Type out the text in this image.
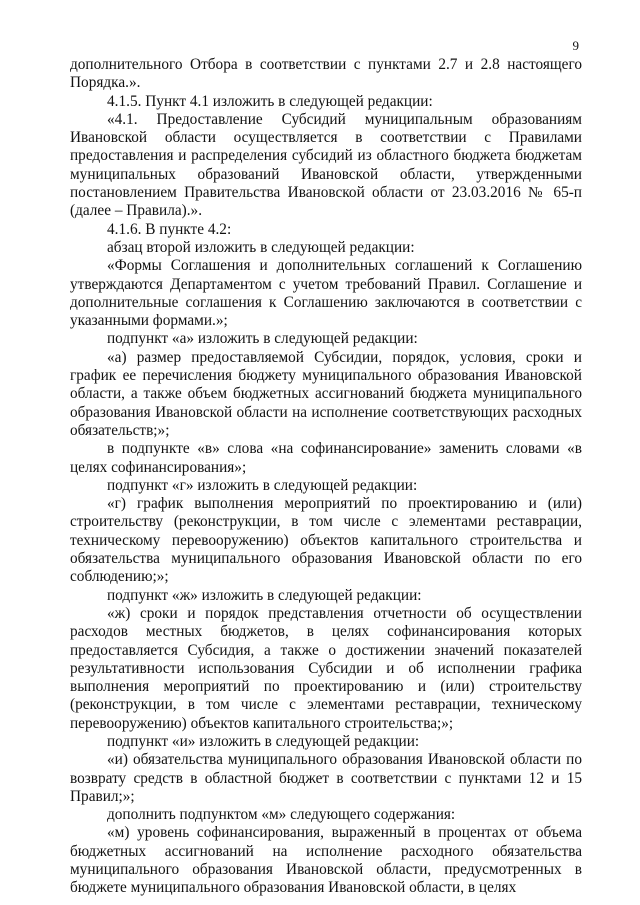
9

дополнительного Отбора в соответствии с пунктами 2.7 и 2.8 настоящего Порядка.».

4.1.5. Пункт 4.1 изложить в следующей редакции:

«4.1. Предоставление Субсидий муниципальным образованиям Ивановской области осуществляется в соответствии с Правилами предоставления и распределения субсидий из областного бюджета бюджетам муниципальных образований Ивановской области, утвержденными постановлением Правительства Ивановской области от 23.03.2016 № 65-п (далее – Правила).».

4.1.6. В пункте 4.2:

абзац второй изложить в следующей редакции:

«Формы Соглашения и дополнительных соглашений к Соглашению утверждаются Департаментом с учетом требований Правил. Соглашение и дополнительные соглашения к Соглашению заключаются в соответствии с указанными формами.»;

подпункт «а» изложить в следующей редакции:

«а) размер предоставляемой Субсидии, порядок, условия, сроки и график ее перечисления бюджету муниципального образования Ивановской области, а также объем бюджетных ассигнований бюджета муниципального образования Ивановской области на исполнение соответствующих расходных обязательств;»;

в подпункте «в» слова «на софинансирование» заменить словами «в целях софинансирования»;

подпункт «г» изложить в следующей редакции:

«г) график выполнения мероприятий по проектированию и (или) строительству (реконструкции, в том числе с элементами реставрации, техническому перевооружению) объектов капитального строительства и обязательства муниципального образования Ивановской области по его соблюдению;»;

подпункт «ж» изложить в следующей редакции:

«ж) сроки и порядок представления отчетности об осуществлении расходов местных бюджетов, в целях софинансирования которых предоставляется Субсидия, а также о достижении значений показателей результативности использования Субсидии и об исполнении графика выполнения мероприятий по проектированию и (или) строительству (реконструкции, в том числе с элементами реставрации, техническому перевооружению) объектов капитального строительства;»;

подпункт «и» изложить в следующей редакции:

«и) обязательства муниципального образования Ивановской области по возврату средств в областной бюджет в соответствии с пунктами 12 и 15 Правил;»;

дополнить подпунктом «м» следующего содержания:

«м) уровень софинансирования, выраженный в процентах от объема бюджетных ассигнований на исполнение расходного обязательства муниципального образования Ивановской области, предусмотренных в бюджете муниципального образования Ивановской области, в целях
